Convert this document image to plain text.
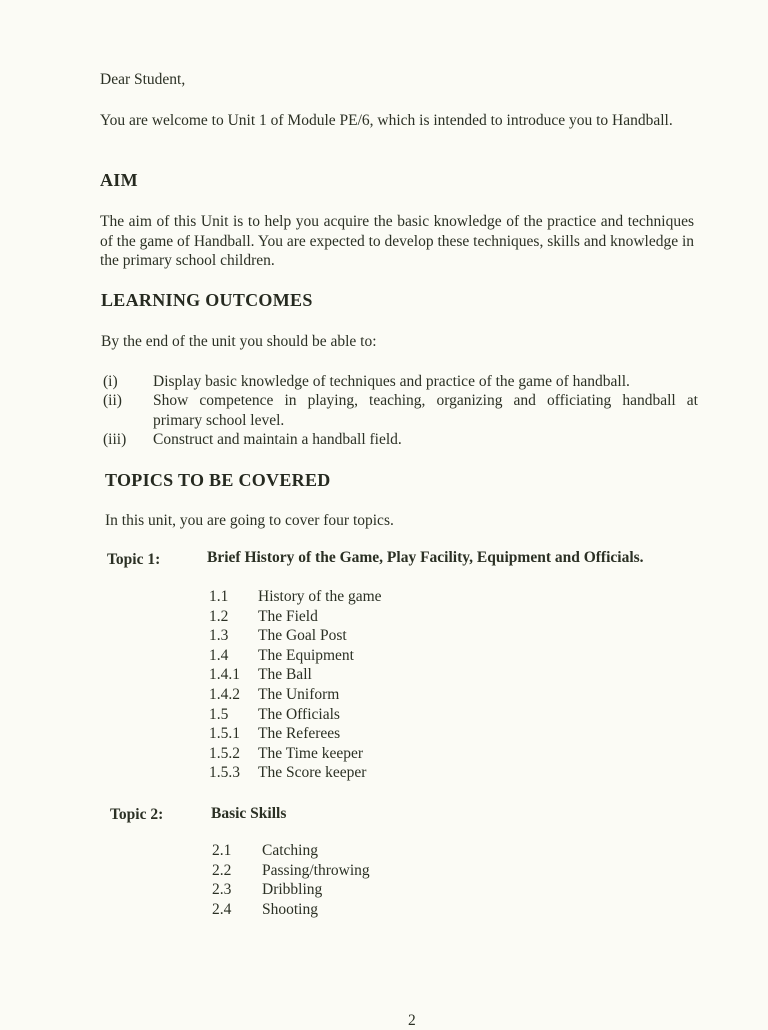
Dear Student,
You are welcome to Unit 1 of Module PE/6, which is intended to introduce you to Handball.
AIM
The aim of this Unit is to help you acquire the basic knowledge of the practice and techniques of the game of Handball. You are expected to develop these techniques, skills and knowledge in the primary school children.
LEARNING OUTCOMES
By the end of the unit you should be able to:
(i) Display basic knowledge of techniques and practice of the game of handball.
(ii) Show competence in playing, teaching, organizing and officiating handball at
primary school level.
(iii) Construct and maintain a handball field.
TOPICS TO BE COVERED
In this unit, you are going to cover four topics.
Topic 1:	Brief History of the Game, Play Facility, Equipment and Officials.
1.1 History of the game
1.2 The Field
1.3 The Goal Post
1.4 The Equipment
1.4.1 The Ball
1.4.2 The Uniform
1.5 The Officials
1.5.1 The Referees
1.5.2 The Time keeper
1.5.3 The Score keeper
Topic 2:	Basic Skills
2.1 Catching
2.2 Passing/throwing
2.3 Dribbling
2.4 Shooting
2
